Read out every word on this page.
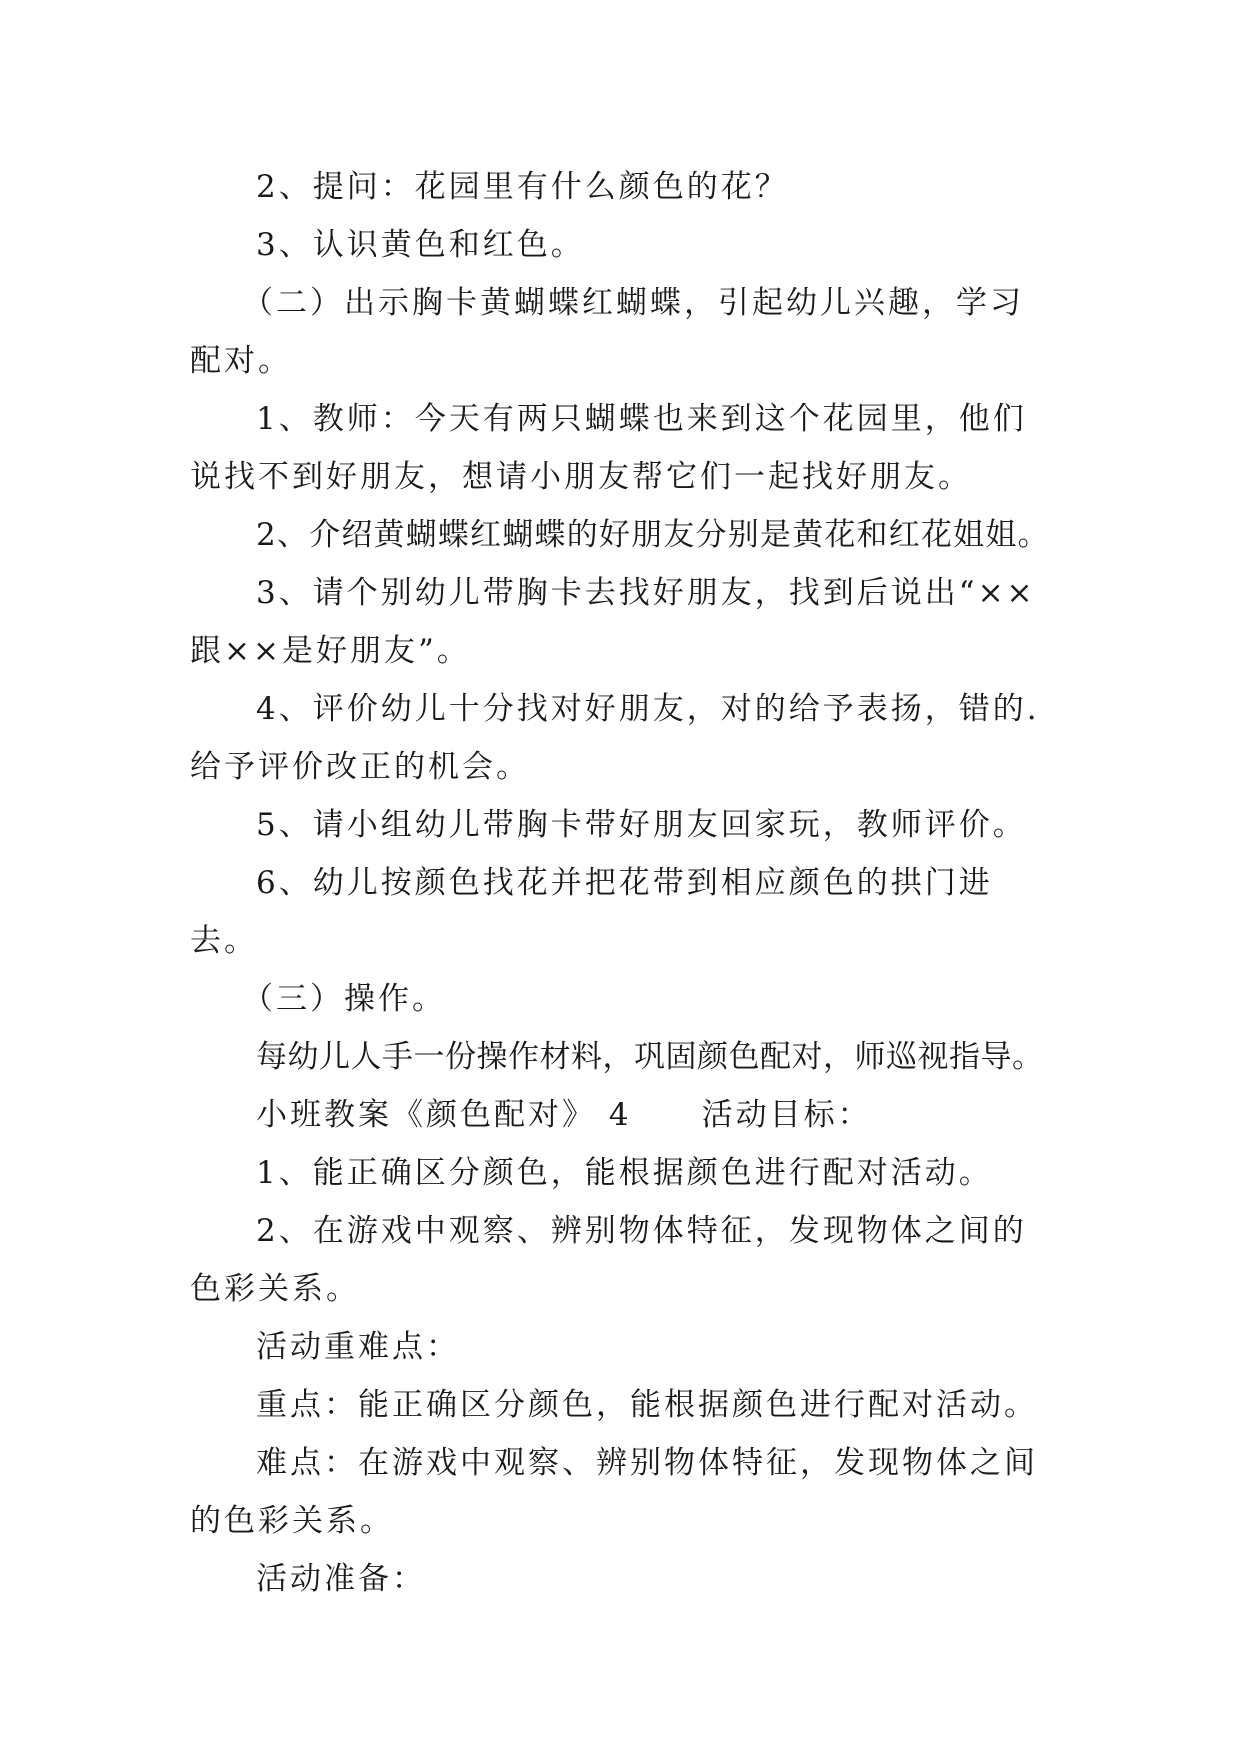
2、提问：花园里有什么颜色的花？

3、认识黄色和红色。

（二）出示胸卡黄蝴蝶红蝴蝶，引起幼儿兴趣，学习配对。

1、教师：今天有两只蝴蝶也来到这个花园里，他们说找不到好朋友，想请小朋友帮它们一起找好朋友。

2、介绍黄蝴蝶红蝴蝶的好朋友分别是黄花和红花姐姐。

3、请个别幼儿带胸卡去找好朋友，找到后说出“××跟××是好朋友”。

4、评价幼儿十分找对好朋友，对的给予表扬，错的.给予评价改正的机会。

5、请小组幼儿带胸卡带好朋友回家玩，教师评价。

6、幼儿按颜色找花并把花带到相应颜色的拱门进去。

（三）操作。

每幼儿人手一份操作材料，巩固颜色配对，师巡视指导。

小班教案《颜色配对》 4 活动目标：

1、能正确区分颜色，能根据颜色进行配对活动。

2、在游戏中观察、辨别物体特征，发现物体之间的色彩关系。

活动重难点：

重点：能正确区分颜色，能根据颜色进行配对活动。

难点：在游戏中观察、辨别物体特征，发现物体之间的色彩关系。

活动准备：
